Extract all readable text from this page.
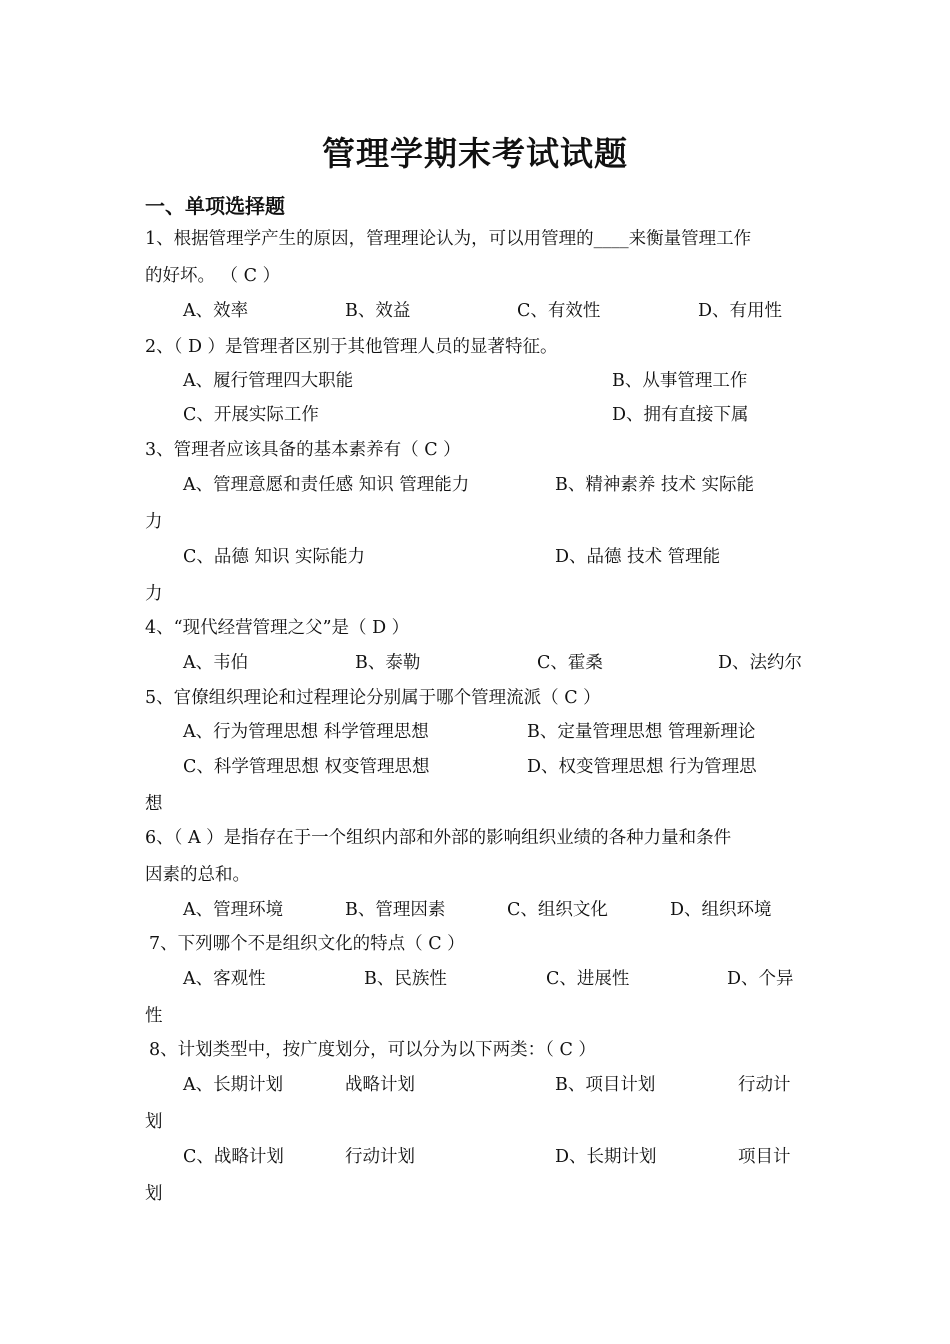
管理学期末考试试题
一、单项选择题
1、根据管理学产生的原因，管理理论认为，可以用管理的____来衡量管理工作
的好坏。 （ C ）
A、效率	B、效益	C、有效性	D、有用性
2、（ D ）是管理者区别于其他管理人员的显著特征。
A、履行管理四大职能	B、从事管理工作
C、开展实际工作	D、拥有直接下属
3、管理者应该具备的基本素养有（ C ）
A、管理意愿和责任感 知识 管理能力	B、精神素养 技术 实际能
力
C、品德 知识 实际能力	D、品德 技术 管理能
力
4、“现代经营管理之父”是（ D ）
A、韦伯	B、泰勒	C、霍桑	D、法约尔
5、官僚组织理论和过程理论分别属于哪个管理流派（ C ）
A、行为管理思想 科学管理思想	B、定量管理思想 管理新理论
C、科学管理思想 权变管理思想	D、权变管理思想 行为管理思
想
6、（ A ）是指存在于一个组织内部和外部的影响组织业绩的各种力量和条件
因素的总和。
A、管理环境	B、管理因素	C、组织文化	D、组织环境
7、下列哪个不是组织文化的特点（ C ）
A、客观性	B、民族性	C、进展性	D、个异
性
8、计划类型中，按广度划分，可以分为以下两类：（ C ）
A、长期计划	战略计划	B、项目计划	行动计
划
C、战略计划	行动计划	D、长期计划	项目计
划
